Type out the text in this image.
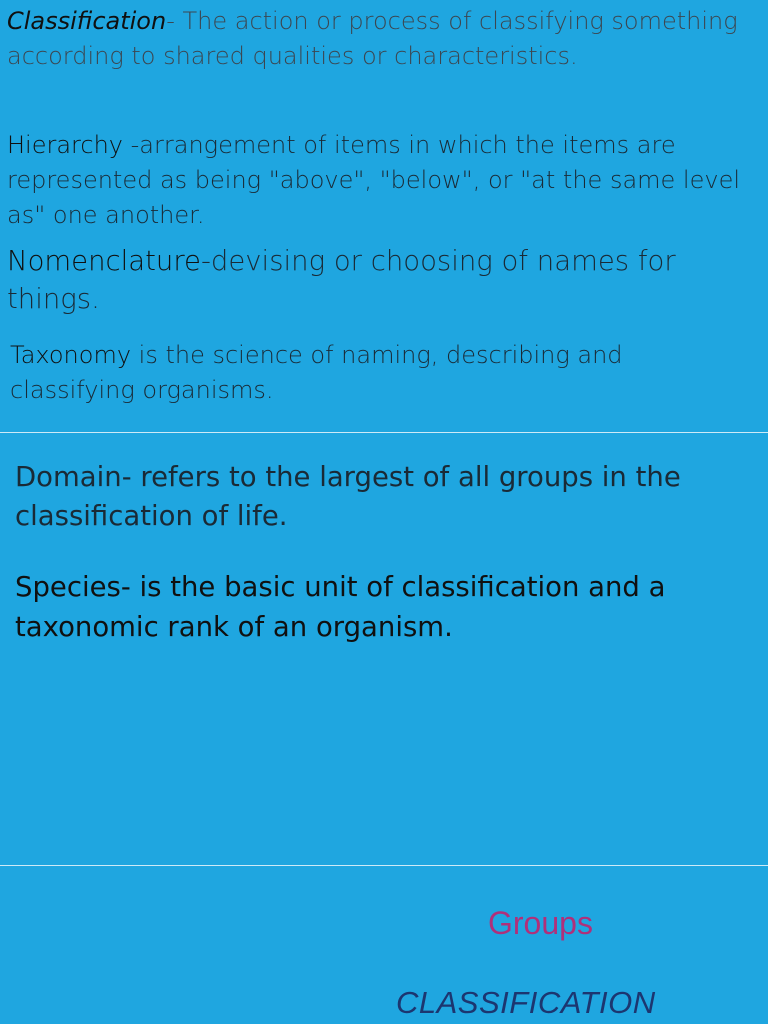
Classification- The action or process of classifying something according to shared qualities or characteristics.

Hierarchy -arrangement of items in which the items are represented as being "above", "below", or "at the same level as" one another.

Nomenclature-devising or choosing of names for things.

Taxonomy is the science of naming, describing and classifying organisms.

Domain- refers to the largest of all groups in the classification of life.

Species- is the basic unit of classification and a taxonomic rank of an organism.

Groups

CLASSIFICATION
